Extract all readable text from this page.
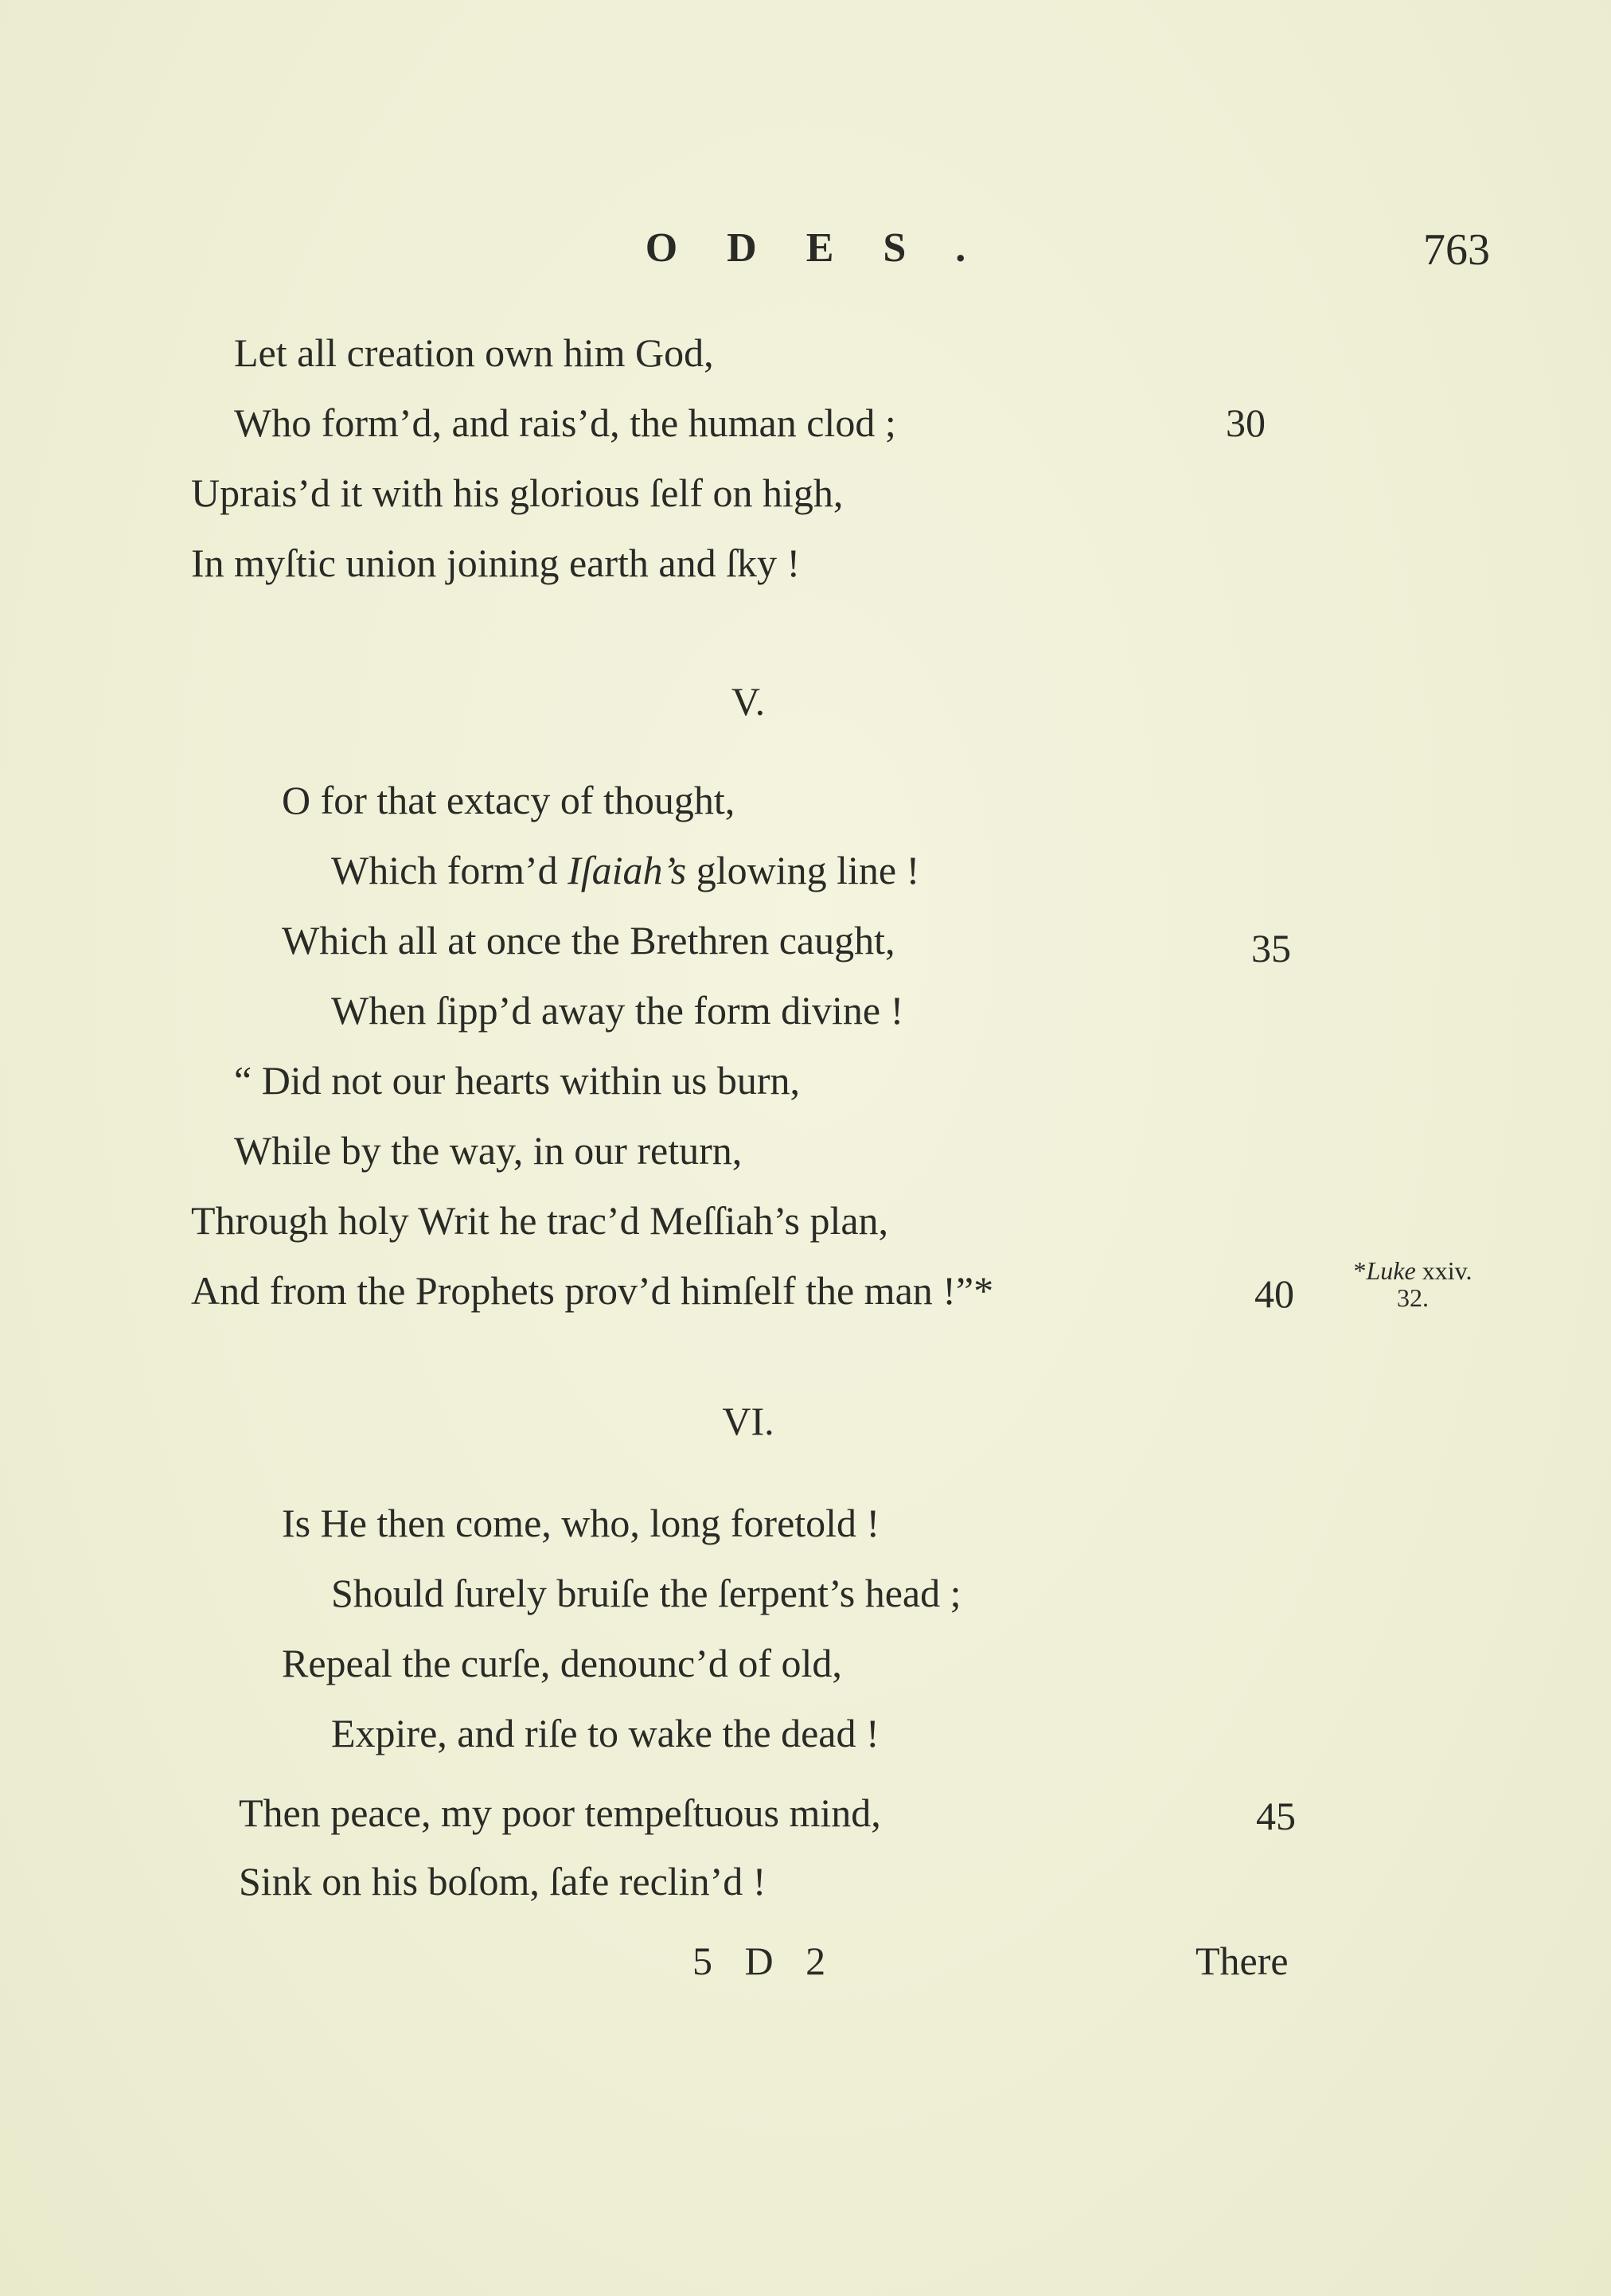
ODES.	763
Let all creation own him God,
Who form’d, and rais’d, the human clod ;	30
Uprais’d it with his glorious ſelf on high,
In myſtic union joining earth and ſky !
V.
O for that extacy of thought,
Which form’d Iſaiah’s glowing line !
Which all at once the Brethren caught,	35
When ſipp’d away the form divine !
“ Did not our hearts within us burn,
While by the way, in our return,
Through holy Writ he trac’d Meſſiah’s plan,
And from the Prophets prov’d himſelf the man !”*	40
*Luke xxiv.
32.
VI.
Is He then come, who, long foretold !
Should ſurely bruiſe the ſerpent’s head ;
Repeal the curſe, denounc’d of old,
Expire, and riſe to wake the dead !
Then peace, my poor tempeſtuous mind,	45
Sink on his boſom, ſafe reclin’d !
5 D 2	There
